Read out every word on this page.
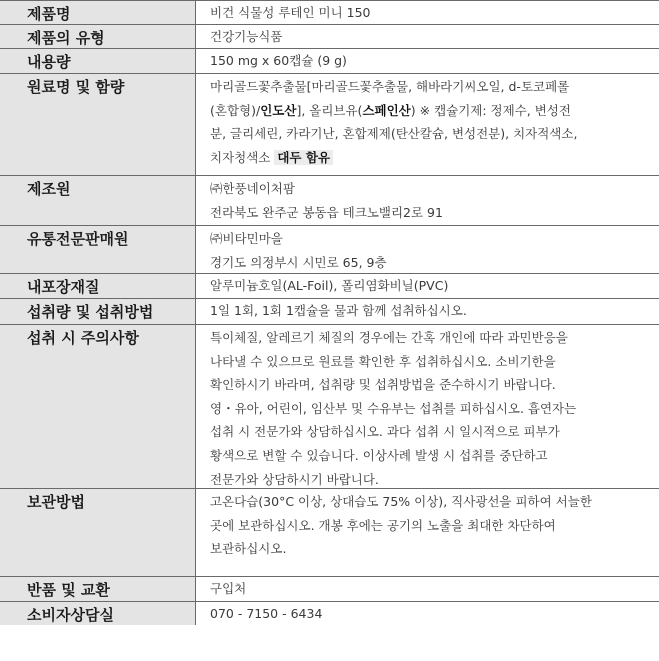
제품명	비건 식물성 루테인 미니 150
제품의 유형	건강기능식품
내용량	150 mg x 60캡슐 (9 g)
원료명 및 함량	마리골드꽃추출물[마리골드꽃추출물, 해바라기씨오일, d-토코페롤
(혼합형)/인도산], 올리브유(스페인산) ※ 캡슐기제: 정제수, 변성전
분, 글리세린, 카라기난, 혼합제제(탄산칼슘, 변성전분), 치자적색소,
치자청색소 대두 함유
제조원	㈜한풍네이처팜
전라북도 완주군 봉동읍 테크노밸리2로 91
유통전문판매원	㈜비타민마을
경기도 의정부시 시민로 65, 9층
내포장재질	알루미늄호일(AL-Foil), 폴리염화비닐(PVC)
섭취량 및 섭취방법	1일 1회, 1회 1캡슐을 물과 함께 섭취하십시오.
섭취 시 주의사항	특이체질, 알레르기 체질의 경우에는 간혹 개인에 따라 과민반응을
나타낼 수 있으므로 원료를 확인한 후 섭취하십시오. 소비기한을
확인하시기 바라며, 섭취량 및 섭취방법을 준수하시기 바랍니다.
영・유아, 어린이, 임산부 및 수유부는 섭취를 피하십시오. 흡연자는
섭취 시 전문가와 상담하십시오. 과다 섭취 시 일시적으로 피부가
황색으로 변할 수 있습니다. 이상사례 발생 시 섭취를 중단하고
전문가와 상담하시기 바랍니다.
보관방법	고온다습(30°C 이상, 상대습도 75% 이상), 직사광선을 피하여 서늘한
곳에 보관하십시오. 개봉 후에는 공기의 노출을 최대한 차단하여
보관하십시오.
반품 및 교환	구입처
소비자상담실	070 - 7150 - 6434
